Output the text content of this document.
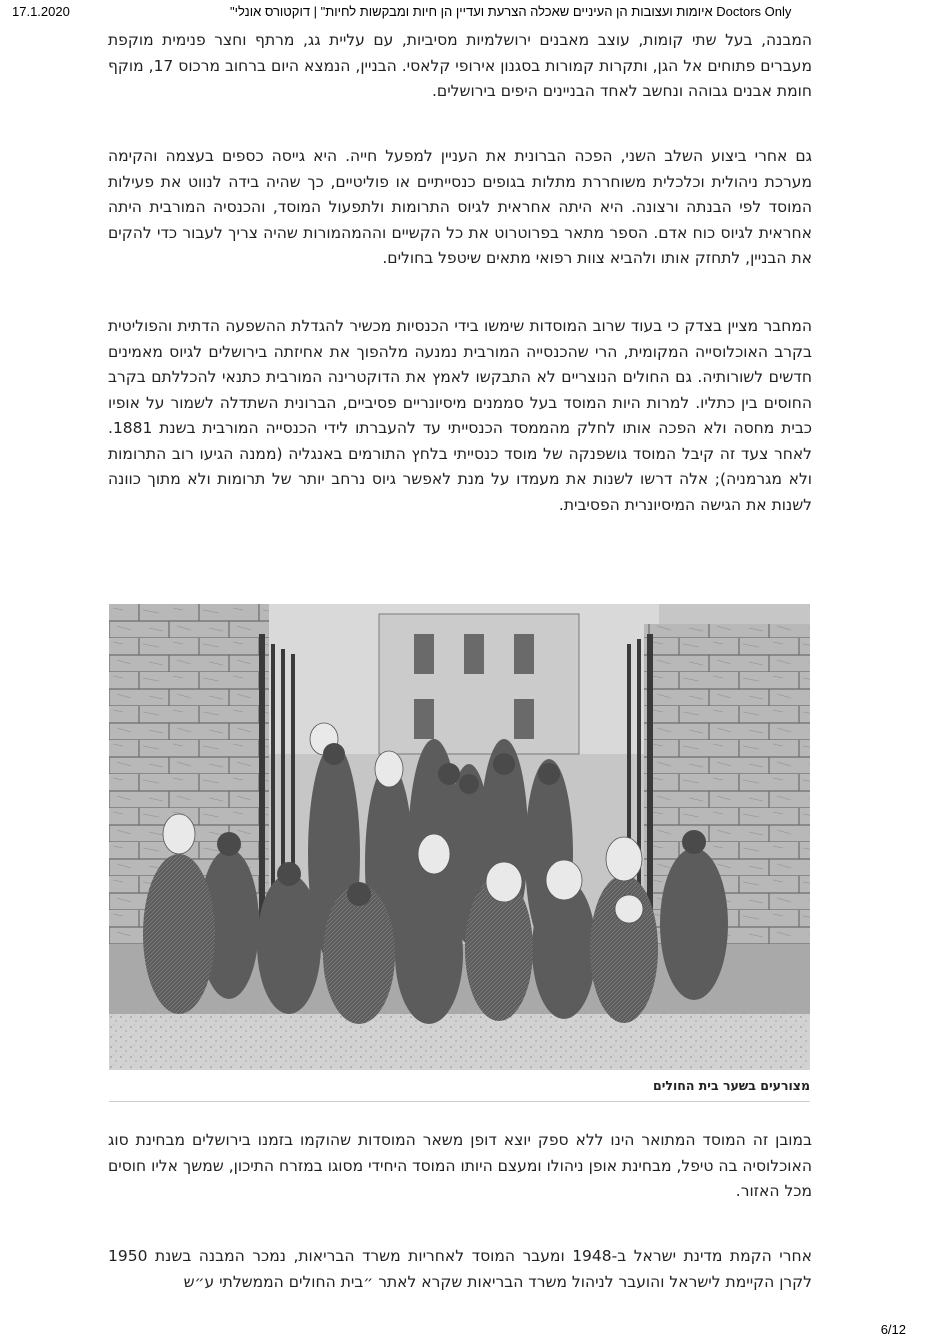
17.1.2020	"איומות ועצובות הן העיניים שאכלה הצרעת ועדיין הן חיות ומבקשות לחיות" | דוקטורס אונלי Doctors Only

המבנה, בעל שתי קומות, עוצב מאבנים ירושלמיות מסיביות, עם עליית גג, מרתף וחצר פנימית מוקפת מעברים פתוחים אל הגן, ותקרות קמורות בסגנון אירופי קלאסי. הבניין, הנמצא היום ברחוב מרכוס 17, מוקף חומת אבנים גבוהה ונחשב לאחד הבניינים היפים בירושלים.

גם אחרי ביצוע השלב השני, הפכה הברונית את העניין למפעל חייה. היא גייסה כספים בעצמה והקימה מערכת ניהולית וכלכלית משוחררת מתלות בגופים כנסייתיים או פוליטיים, כך שהיה בידה לנווט את פעילות המוסד לפי הבנתה ורצונה. היא היתה אחראית לגיוס התרומות ולתפעול המוסד, והכנסיה המורבית היתה אחראית לגיוס כוח אדם. הספר מתאר בפרוטרוט את כל הקשיים וההמהמורות שהיה צריך לעבור כדי להקים את הבניין, לתחזק אותו ולהביא צוות רפואי מתאים שיטפל בחולים.

המחבר מציין בצדק כי בעוד שרוב המוסדות שימשו בידי הכנסיות מכשיר להגדלת ההשפעה הדתית והפוליטית בקרב האוכלוסייה המקומית, הרי שהכנסייה המורבית נמנעה מלהפוך את אחיזתה בירושלים לגיוס מאמינים חדשים לשורותיה. גם החולים הנוצריים לא התבקשו לאמץ את הדוקטרינה המורבית כתנאי להכללתם בקרב החוסים בין כתליו. למרות היות המוסד בעל סממנים מיסיונריים פסיביים, הברונית השתדלה לשמור על אופיו כבית מחסה ולא הפכה אותו לחלק מהממסד הכנסייתי עד להעברתו לידי הכנסייה המורבית בשנת 1881. לאחר צעד זה קיבל המוסד גושפנקה של מוסד כנסייתי בלחץ התורמים באנגליה (ממנה הגיעו רוב התרומות ולא מגרמניה); אלה דרשו לשנות את מעמדו על מנת לאפשר גיוס נרחב יותר של תרומות ולא מתוך כוונה לשנות את הגישה המיסיונרית הפסיבית.

במובן זה המוסד המתואר הינו ללא ספק יוצא דופן משאר המוסדות שהוקמו בזמנו בירושלים מבחינת סוג האוכלוסיה בה טיפל, מבחינת אופן ניהולו ומעצם היותו המוסד היחידי מסוגו במזרח התיכון, שמשך אליו חוסים מכל האזור.

אחרי הקמת מדינת ישראל ב-1948 ומעבר המוסד לאחריות משרד הבריאות, נמכר המבנה בשנת 1950 לקרן הקיימת לישראל והועבר לניהול משרד הבריאות שקרא לאתר ״בית החולים הממשלתי ע״ש

מצורעים בשער בית החולים
6/12
